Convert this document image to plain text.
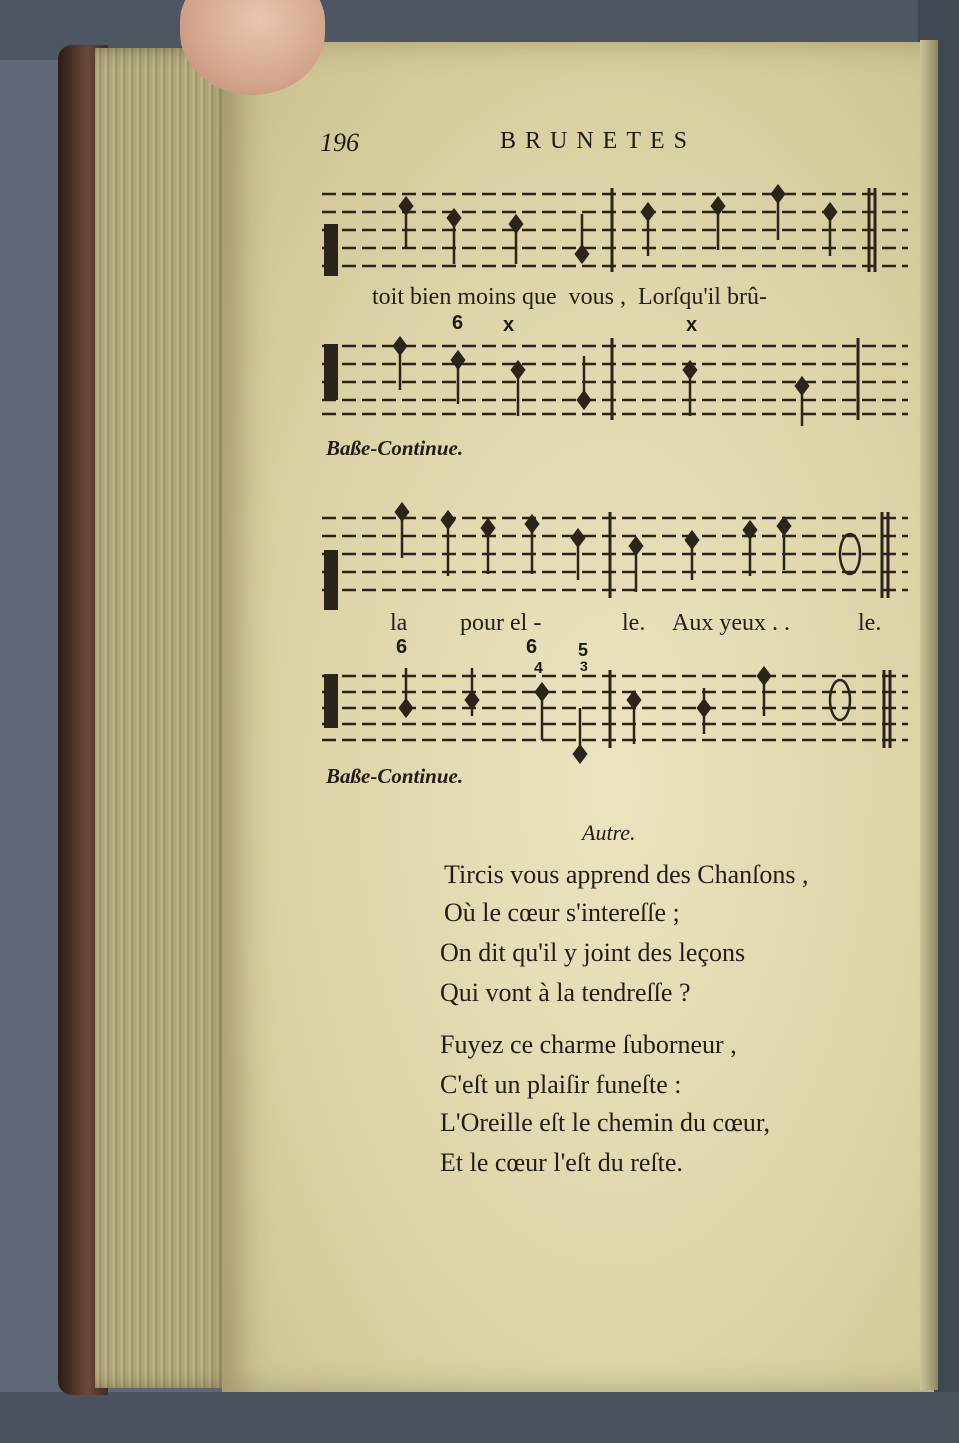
196	BRUNETES
toit bien moins que  vous ,  Lorſqu'il brû-
6 x	x
Baße-Continue.
la pour el -	le. Aux yeux . .	le.
6	6
4
5
3
Baße-Continue.
Autre.
Tircis vous apprend des Chanſons ,
Où le cœur s'intereſſe ;
On dit qu'il y joint des leçons
Qui vont à la tendreſſe ?
Fuyez ce charme ſuborneur ,
C'eſt un plaiſir funeſte :
L'Oreille eſt le chemin du cœur,
Et le cœur l'eſt du reſte.
